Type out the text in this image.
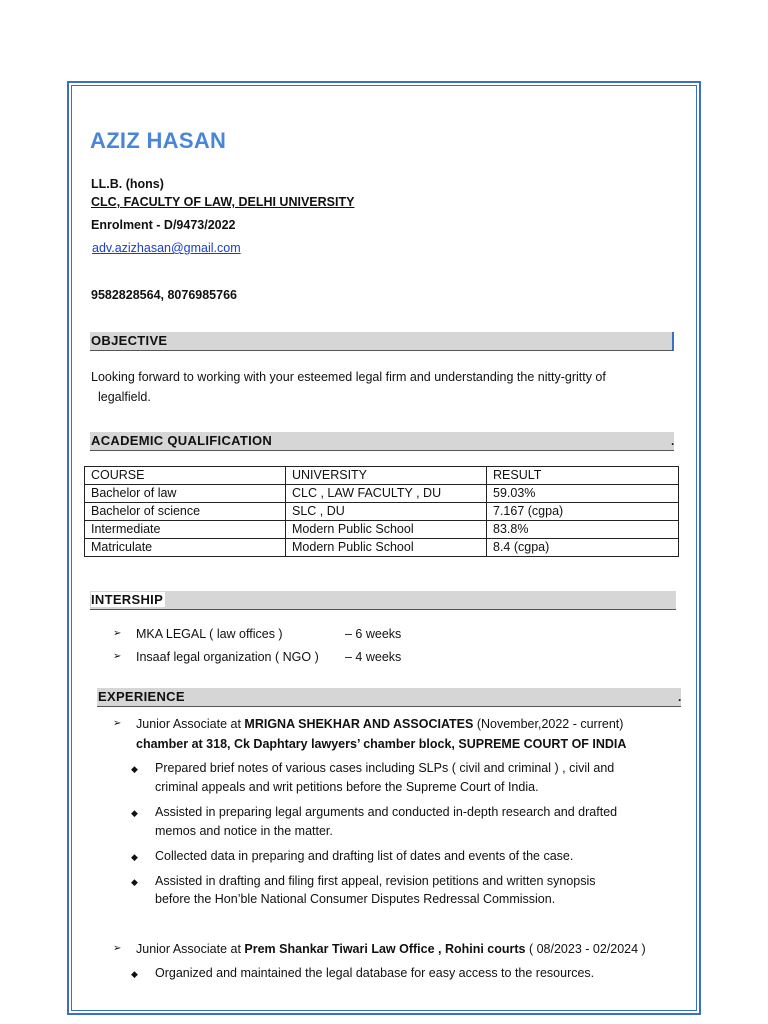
AZIZ HASAN
LL.B. (hons)
CLC, FACULTY OF LAW, DELHI UNIVERSITY
Enrolment - D/9473/2022
adv.azizhasan@gmail.com
9582828564, 8076985766
OBJECTIVE
Looking forward to working with your esteemed legal firm and understanding the nitty-gritty of
legalfield.
ACADEMIC QUALIFICATION	.
COURSE	UNIVERSITY	RESULT
Bachelor of law	CLC , LAW FACULTY , DU	59.03%
Bachelor of science	SLC , DU	7.167 (cgpa)
Intermediate	Modern Public School	83.8%
Matriculate	Modern Public School	8.4 (cgpa)
INTERSHIP
➢ MKA LEGAL ( law offices )	– 6 weeks
➢ Insaaf legal organization ( NGO ) – 4 weeks
EXPERIENCE	.
➢ Junior Associate at MRIGNA SHEKHAR AND ASSOCIATES (November,2022 - current)
chamber at 318, Ck Daphtary lawyers’ chamber block, SUPREME COURT OF INDIA
◆ Prepared brief notes of various cases including SLPs ( civil and criminal ) , civil and
criminal appeals and writ petitions before the Supreme Court of India.
◆ Assisted in preparing legal arguments and conducted in-depth research and drafted
memos and notice in the matter.
◆ Collected data in preparing and drafting list of dates and events of the case.
◆ Assisted in drafting and filing first appeal, revision petitions and written synopsis
before the Hon’ble National Consumer Disputes Redressal Commission.
➢ Junior Associate at Prem Shankar Tiwari Law Office , Rohini courts ( 08/2023 - 02/2024 )
◆ Organized and maintained the legal database for easy access to the resources.
